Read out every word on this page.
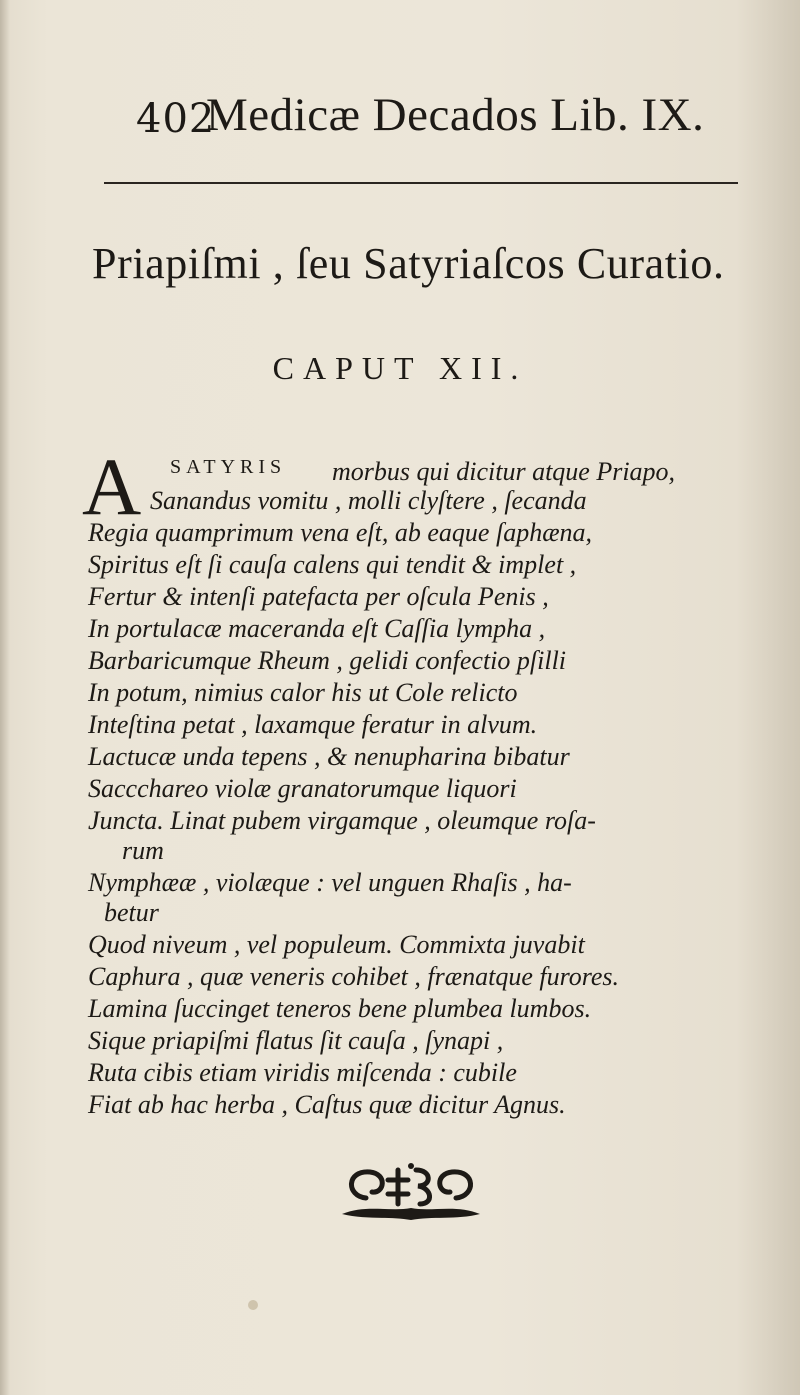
402
Medicæ Decados Lib. IX.
Priapiſmi , ſeu Satyriaſcos Curatio.
CAPUT XII.
A SATYRIS morbus qui dicitur atque Priapo,
Sanandus vomitu , molli clyſtere , ſecanda
Regia quamprimum vena eſt, ab eaque ſaphæna,
Spiritus eſt ſi cauſa calens qui tendit & implet ,
Fertur & intenſi patefacta per oſcula Penis ,
In portulacæ maceranda eſt Caſſia lympha ,
Barbaricumque Rheum , gelidi confectio pſilli
In potum, nimius calor his ut Cole relicto
Inteſtina petat , laxamque feratur in alvum.
Lactucæ unda tepens , & nenupharina bibatur
Saccchareo violæ granatorumque liquori
Juncta. Linat pubem virgamque , oleumque roſa-
rum
Nymphææ , violæque : vel unguen Rhaſis , ha-
betur
Quod niveum , vel populeum. Commixta juvabit
Caphura , quæ veneris cohibet , frænatque furores.
Lamina ſuccinget teneros bene plumbea lumbos.
Sique priapiſmi flatus ſit cauſa , ſynapi ,
Ruta cibis etiam viridis miſcenda : cubile
Fiat ab hac herba , Caſtus quæ dicitur Agnus.
